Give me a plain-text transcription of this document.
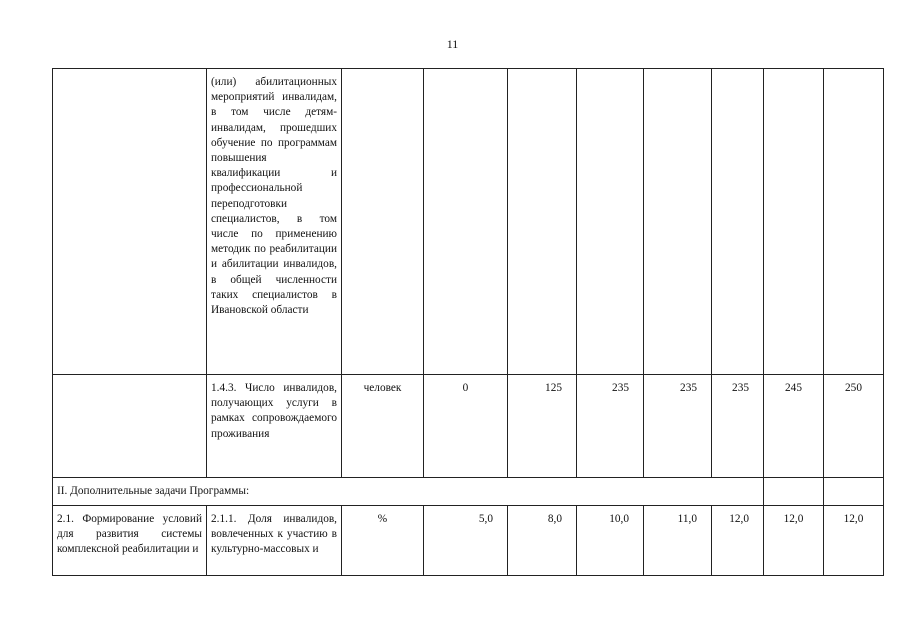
11
	(или) абилитационных мероприятий инвалидам, в том числе детям-инвалидам, прошедших обучение по программам повышения квалификации и профессиональной переподготовки специалистов, в том числе по применению методик по реабилитации и абилитации инвалидов, в общей численности таких специалистов в Ивановской области								
	1.4.3. Число инвалидов, получающих услуги в рамках сопровождаемого проживания	человек	0	125	235	235	235	245	250
II. Дополнительные задачи Программы:									
2.1. Формирование условий для развития системы комплексной реабилитации и	2.1.1. Доля инвалидов, вовлеченных к участию в культурно-массовых и	%	5,0	8,0	10,0	11,0	12,0	12,0	12,0
